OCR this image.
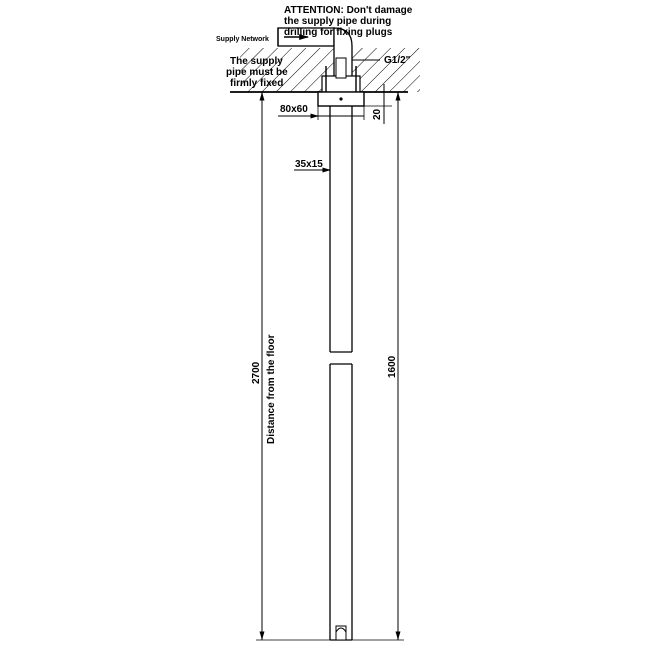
ATTENTION: Don't damage
the supply pipe during
drilling for fixing plugs
Supply Network
The supply
pipe must be
firmly fixed
G1/2"
80x60	20
35x15
2700 Distance from the floor	1600
